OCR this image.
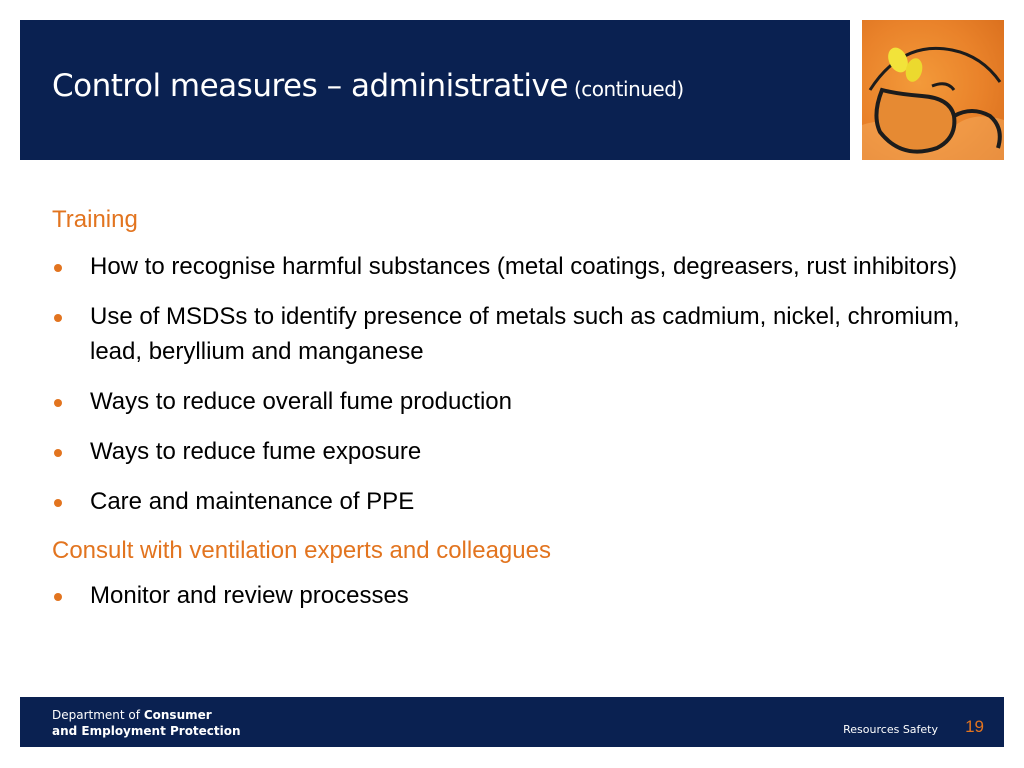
Control measures – administrative (continued)
Training
How to recognise harmful substances (metal coatings, degreasers, rust inhibitors)
Use of MSDSs to identify presence of metals such as cadmium, nickel, chromium, lead, beryllium and manganese
Ways to reduce overall fume production
Ways to reduce fume exposure
Care and maintenance of PPE
Consult with ventilation experts and colleagues
Monitor and review processes
Department of Consumer
and Employment Protection	Resources Safety 19
